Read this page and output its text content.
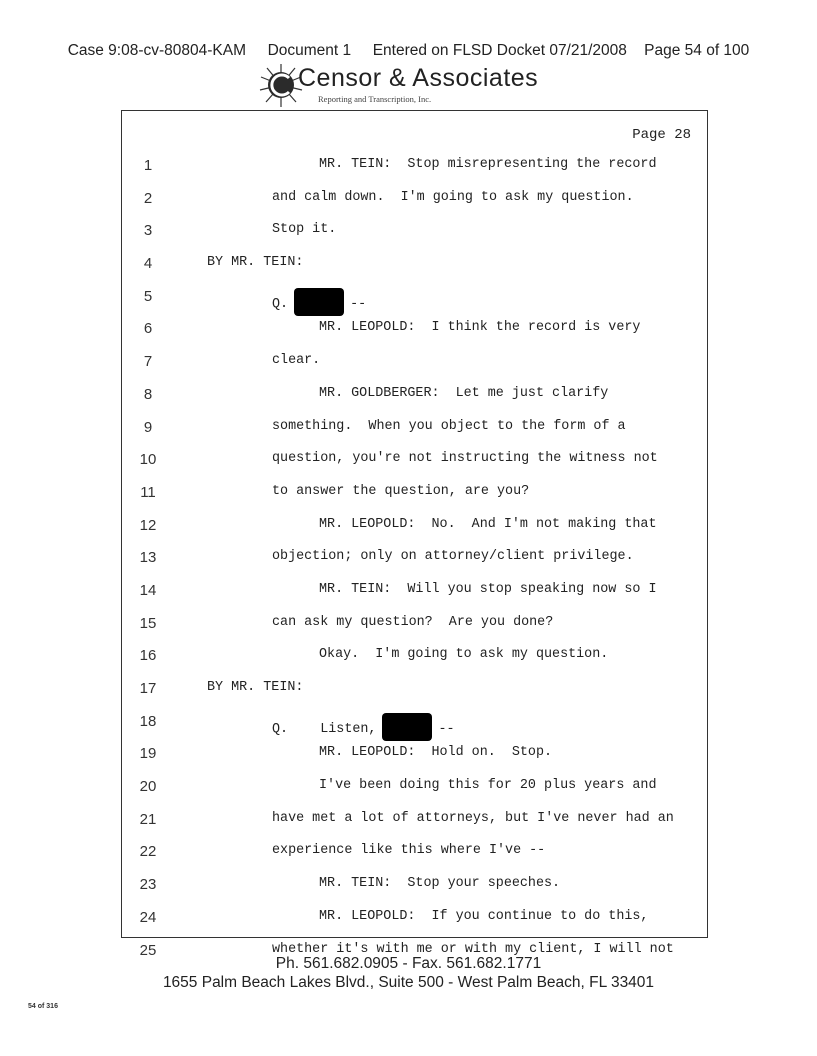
Case 9:08-cv-80804-KAM Document 1 Entered on FLSD Docket 07/21/2008 Page 54 of 100
Censor & Associates
Reporting and Transcription, Inc.
Page 28
1	MR. TEIN:  Stop misrepresenting the record
2	and calm down.  I'm going to ask my question.
3	Stop it.
4	BY MR. TEIN:
5	Q.	--
6	MR. LEOPOLD:  I think the record is very
7	clear.
8	MR. GOLDBERGER:  Let me just clarify
9	something.  When you object to the form of a
10	question, you're not instructing the witness not
11	to answer the question, are you?
12	MR. LEOPOLD:  No.  And I'm not making that
13	objection; only on attorney/client privilege.
14	MR. TEIN:  Will you stop speaking now so I
15	can ask my question?  Are you done?
16	Okay.  I'm going to ask my question.
17	BY MR. TEIN:
18	Q.    Listen,	--
19	MR. LEOPOLD:  Hold on.  Stop.
20	I've been doing this for 20 plus years and
21	have met a lot of attorneys, but I've never had an
22	experience like this where I've --
23	MR. TEIN:  Stop your speeches.
24	MR. LEOPOLD:  If you continue to do this,
25	whether it's with me or with my client, I will not
Ph. 561.682.0905 - Fax. 561.682.1771
1655 Palm Beach Lakes Blvd., Suite 500 - West Palm Beach, FL 33401
54 of 316
